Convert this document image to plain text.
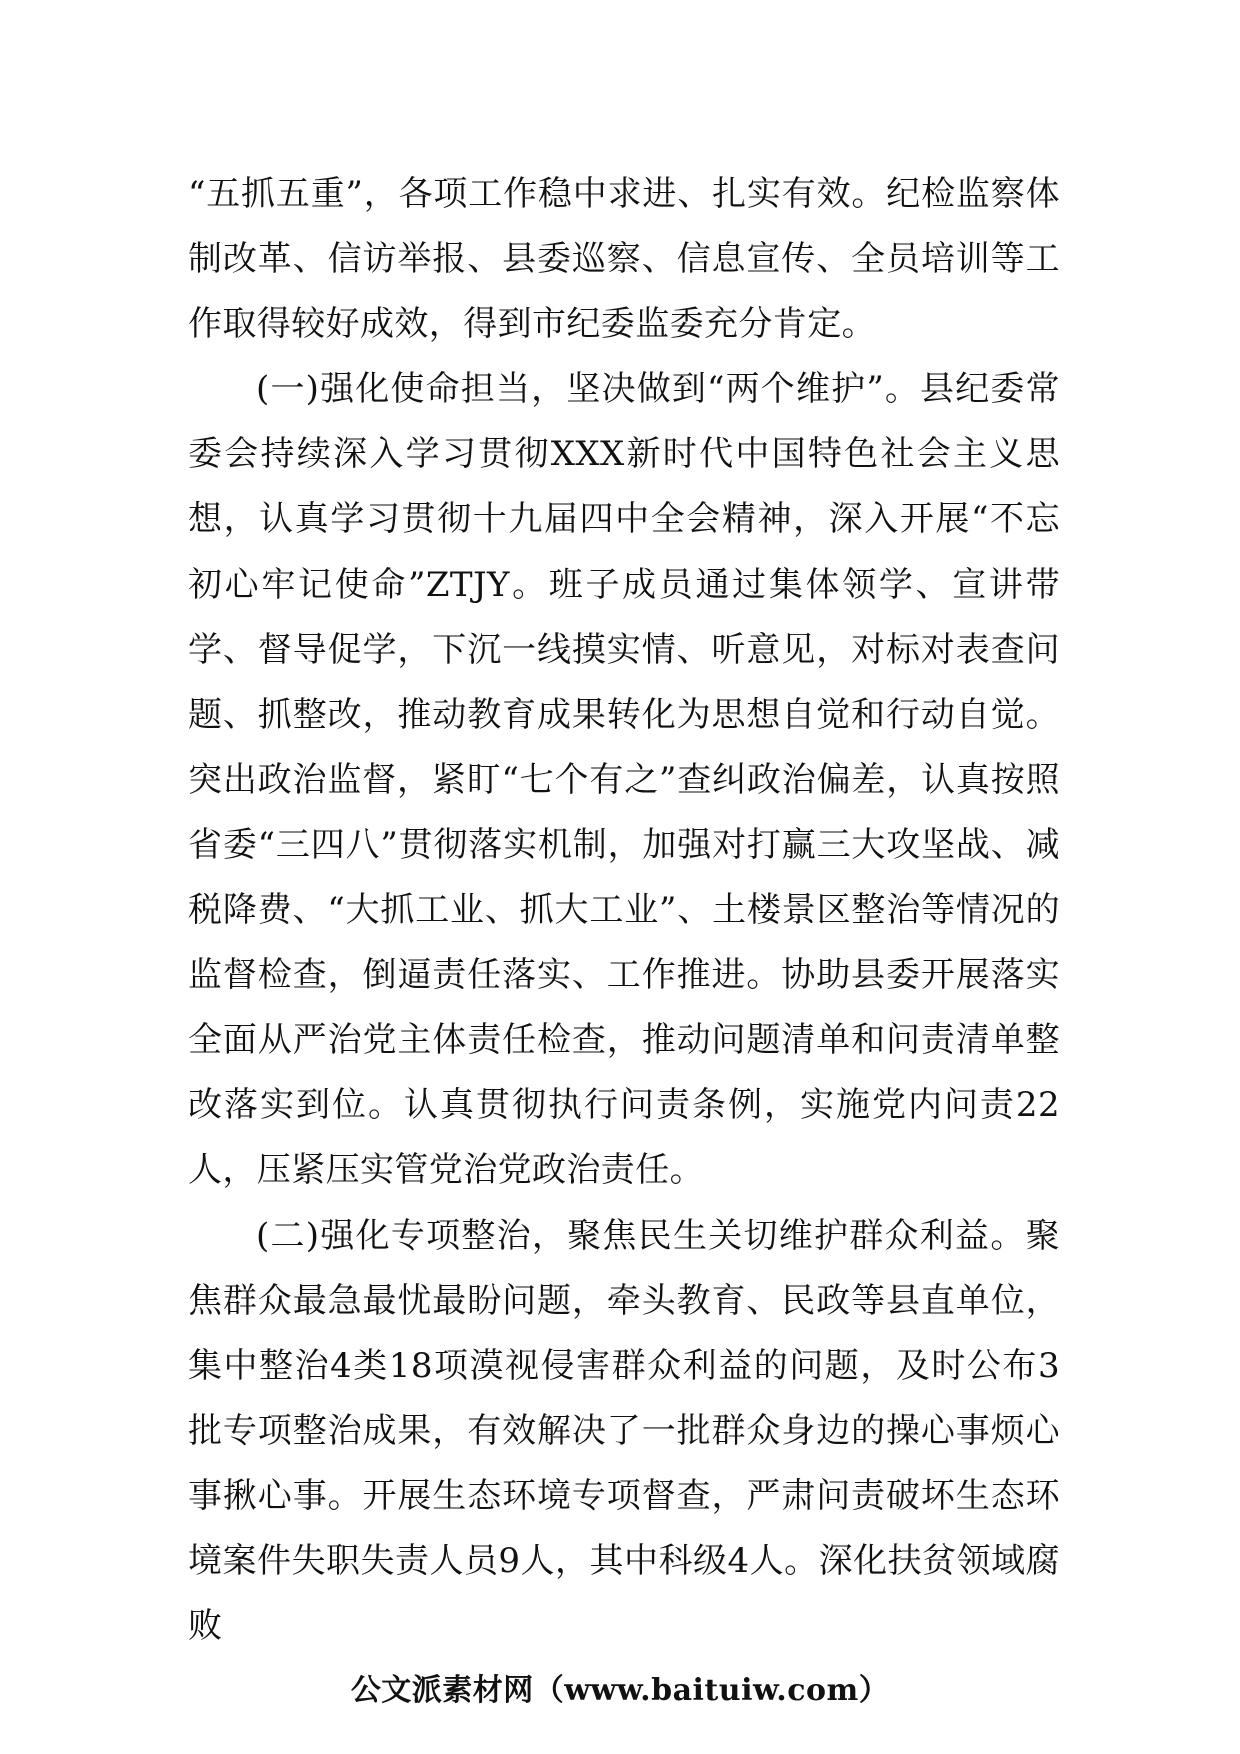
“五抓五重”，各项工作稳中求进、扎实有效。纪检监察体制改革、信访举报、县委巡察、信息宣传、全员培训等工作取得较好成效，得到市纪委监委充分肯定。

(一)强化使命担当，坚决做到“两个维护”。县纪委常委会持续深入学习贯彻XXX新时代中国特色社会主义思想，认真学习贯彻十九届四中全会精神，深入开展“不忘初心牢记使命”ZTJY。班子成员通过集体领学、宣讲带学、督导促学，下沉一线摸实情、听意见，对标对表查问题、抓整改，推动教育成果转化为思想自觉和行动自觉。突出政治监督，紧盯“七个有之”查纠政治偏差，认真按照省委“三四八”贯彻落实机制，加强对打赢三大攻坚战、减税降费、“大抓工业、抓大工业”、土楼景区整治等情况的监督检查，倒逼责任落实、工作推进。协助县委开展落实全面从严治党主体责任检查，推动问题清单和问责清单整改落实到位。认真贯彻执行问责条例，实施党内问责22人，压紧压实管党治党政治责任。

(二)强化专项整治，聚焦民生关切维护群众利益。聚焦群众最急最忧最盼问题，牵头教育、民政等县直单位，集中整治4类18项漠视侵害群众利益的问题，及时公布3批专项整治成果，有效解决了一批群众身边的操心事烦心事揪心事。开展生态环境专项督查，严肃问责破坏生态环境案件失职失责人员9人，其中科级4人。深化扶贫领域腐败

公文派素材网（www.baituiw.com）
